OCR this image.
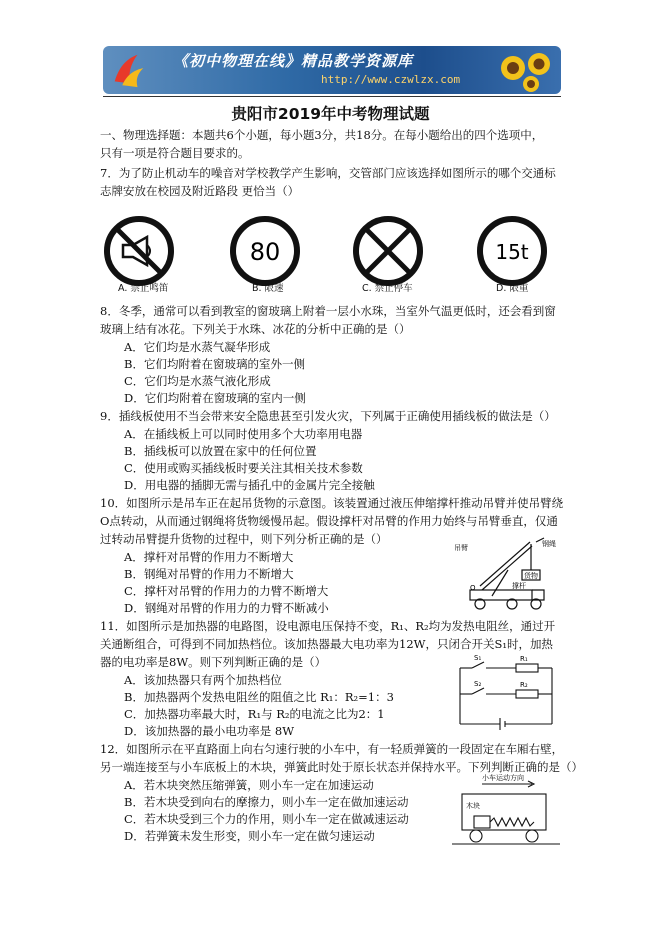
《初中物理在线》精品教学资源库
http://www.czwlzx.com
贵阳市2019年中考物理试题
一、物理选择题：本题共6个小题，每小题3分，共18分。在每小题给出的四个选项中，
只有一项是符合题目要求的。
7．为了防止机动车的噪音对学校教学产生影响，交管部门应该选择如图所示的哪个交通标
志牌安放在校园及附近路段 更恰当（）
A. 禁止鸣笛
80
B. 限速	C. 禁止停车
15t
D. 限重
8．冬季，通常可以看到教室的窗玻璃上附着一层小水珠，当室外气温更低时，还会看到窗
玻璃上结有冰花。下列关于水珠、冰花的分析中正确的是（）
A．它们均是水蒸气凝华形成
B．它们均附着在窗玻璃的室外一侧
C．它们均是水蒸气液化形成
D．它们均附着在窗玻璃的室内一侧
9．插线板使用不当会带来安全隐患甚至引发火灾，下列属于正确使用插线板的做法是（）
A．在插线板上可以同时使用多个大功率用电器
B．插线板可以放置在家中的任何位置
C．使用或购买插线板时要关注其相关技术参数
D．用电器的插脚无需与插孔中的金属片完全接触
10．如图所示是吊车正在起吊货物的示意图。该装置通过液压伸缩撑杆推动吊臂并使吊臂绕
O点转动，从而通过钢绳将货物缓慢吊起。假设撑杆对吊臂的作用力始终与吊臂垂直，仅通
过转动吊臂提升货物的过程中，则下列分析正确的是（）
A．撑杆对吊臂的作用力不断增大
B．钢绳对吊臂的作用力不断增大
C．撑杆对吊臂的作用力的力臂不断增大
D．钢绳对吊臂的作用力的力臂不断减小
吊臂	钢绳
货物
撑杆
O
11．如图所示是加热器的电路图，设电源电压保持不变，R₁、R₂均为发热电阻丝，通过开
关通断组合，可得到不同加热档位。该加热器最大电功率为12W，只闭合开关S₁时，加热
器的电功率是8W。则下列判断正确的是（）
A．该加热器只有两个加热档位
B．加热器两个发热电阻丝的阻值之比 R₁：R₂=1：3
C．加热器功率最大时，R₁与 R₂的电流之比为2：1
D．该加热器的最小电功率是 8W
S₁
S₂
R₁
R₂
12．如图所示在平直路面上向右匀速行驶的小车中，有一轻质弹簧的一段固定在车厢右壁，
另一端连接至与小车底板上的木块，弹簧此时处于原长状态并保持水平。下列判断正确的是（）
A．若木块突然压缩弹簧，则小车一定在加速运动
B．若木块受到向右的摩擦力，则小车一定在做加速运动
C．若木块受到三个力的作用，则小车一定在做减速运动
D．若弹簧未发生形变，则小车一定在做匀速运动
小车运动方向
木块
